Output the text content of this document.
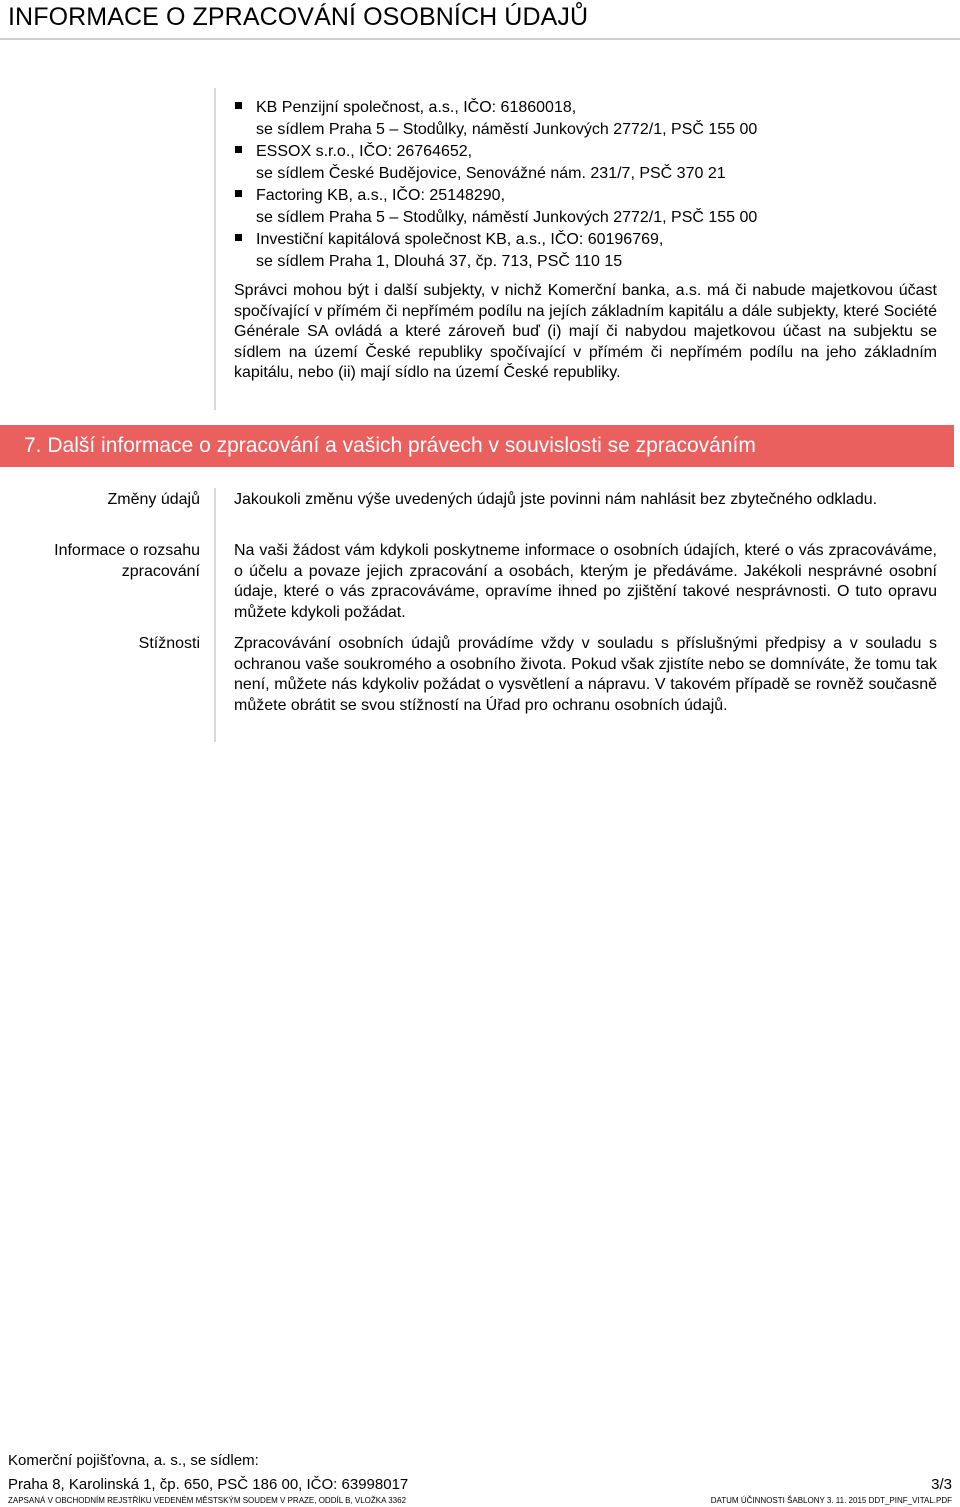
INFORMACE O ZPRACOVÁNÍ OSOBNÍCH ÚDAJŮ
KB Penzijní společnost, a.s., IČO: 61860018,
se sídlem Praha 5 – Stodůlky, náměstí Junkových 2772/1, PSČ 155 00
ESSOX s.r.o., IČO: 26764652,
se sídlem České Budějovice, Senovážné nám. 231/7, PSČ 370 21
Factoring KB, a.s., IČO: 25148290,
se sídlem Praha 5 – Stodůlky, náměstí Junkových 2772/1, PSČ 155 00
Investiční kapitálová společnost KB, a.s., IČO: 60196769,
se sídlem Praha 1, Dlouhá 37, čp. 713, PSČ 110 15

Správci mohou být i další subjekty, v nichž Komerční banka, a.s. má či nabude majetkovou účast spočívající v přímém či nepřímém podílu na jejích základním kapitálu a dále subjekty, které Société Générale SA ovládá a které zároveň buď (i) mají či nabydou majetkovou účast na subjektu se sídlem na území České republiky spočívající v přímém či nepřímém podílu na jeho základním kapitálu, nebo (ii) mají sídlo na území České republiky.

7. Další informace o zpracování a vašich právech v souvislosti se zpracováním
Změny údajů Jakoukoli změnu výše uvedených údajů jste povinni nám nahlásit bez zbytečného odkladu.

Informace o rozsahu zpracování

Na vaši žádost vám kdykoli poskytneme informace o osobních údajích, které o vás zpracováváme, o účelu a povaze jejich zpracování a osobách, kterým je předáváme. Jakékoli nesprávné osobní údaje, které o vás zpracováváme, opravíme ihned po zjištění takové nesprávnosti. O tuto opravu můžete kdykoli požádat.

Stížnosti Zpracovávání osobních údajů provádíme vždy v souladu s příslušnými předpisy a v souladu s ochranou vaše soukromého a osobního života. Pokud však zjistíte nebo se domníváte, že tomu tak není, můžete nás kdykoliv požádat o vysvětlení a nápravu. V takovém případě se rovněž současně můžete obrátit se svou stížností na Úřad pro ochranu osobních údajů.

Komerční pojišťovna, a. s., se sídlem:
Praha 8, Karolinská 1, čp. 650, PSČ 186 00, IČO: 63998017	3/3
ZAPSANÁ V OBCHODNÍM REJSTŘÍKU VEDENÉM MĚSTSKÝM SOUDEM V PRAZE, ODDÍL B, VLOŽKA 3362	DATUM ÚČINNOSTI ŠABLONY 3. 11. 2015 DDT_PINF_VITAL.PDF
